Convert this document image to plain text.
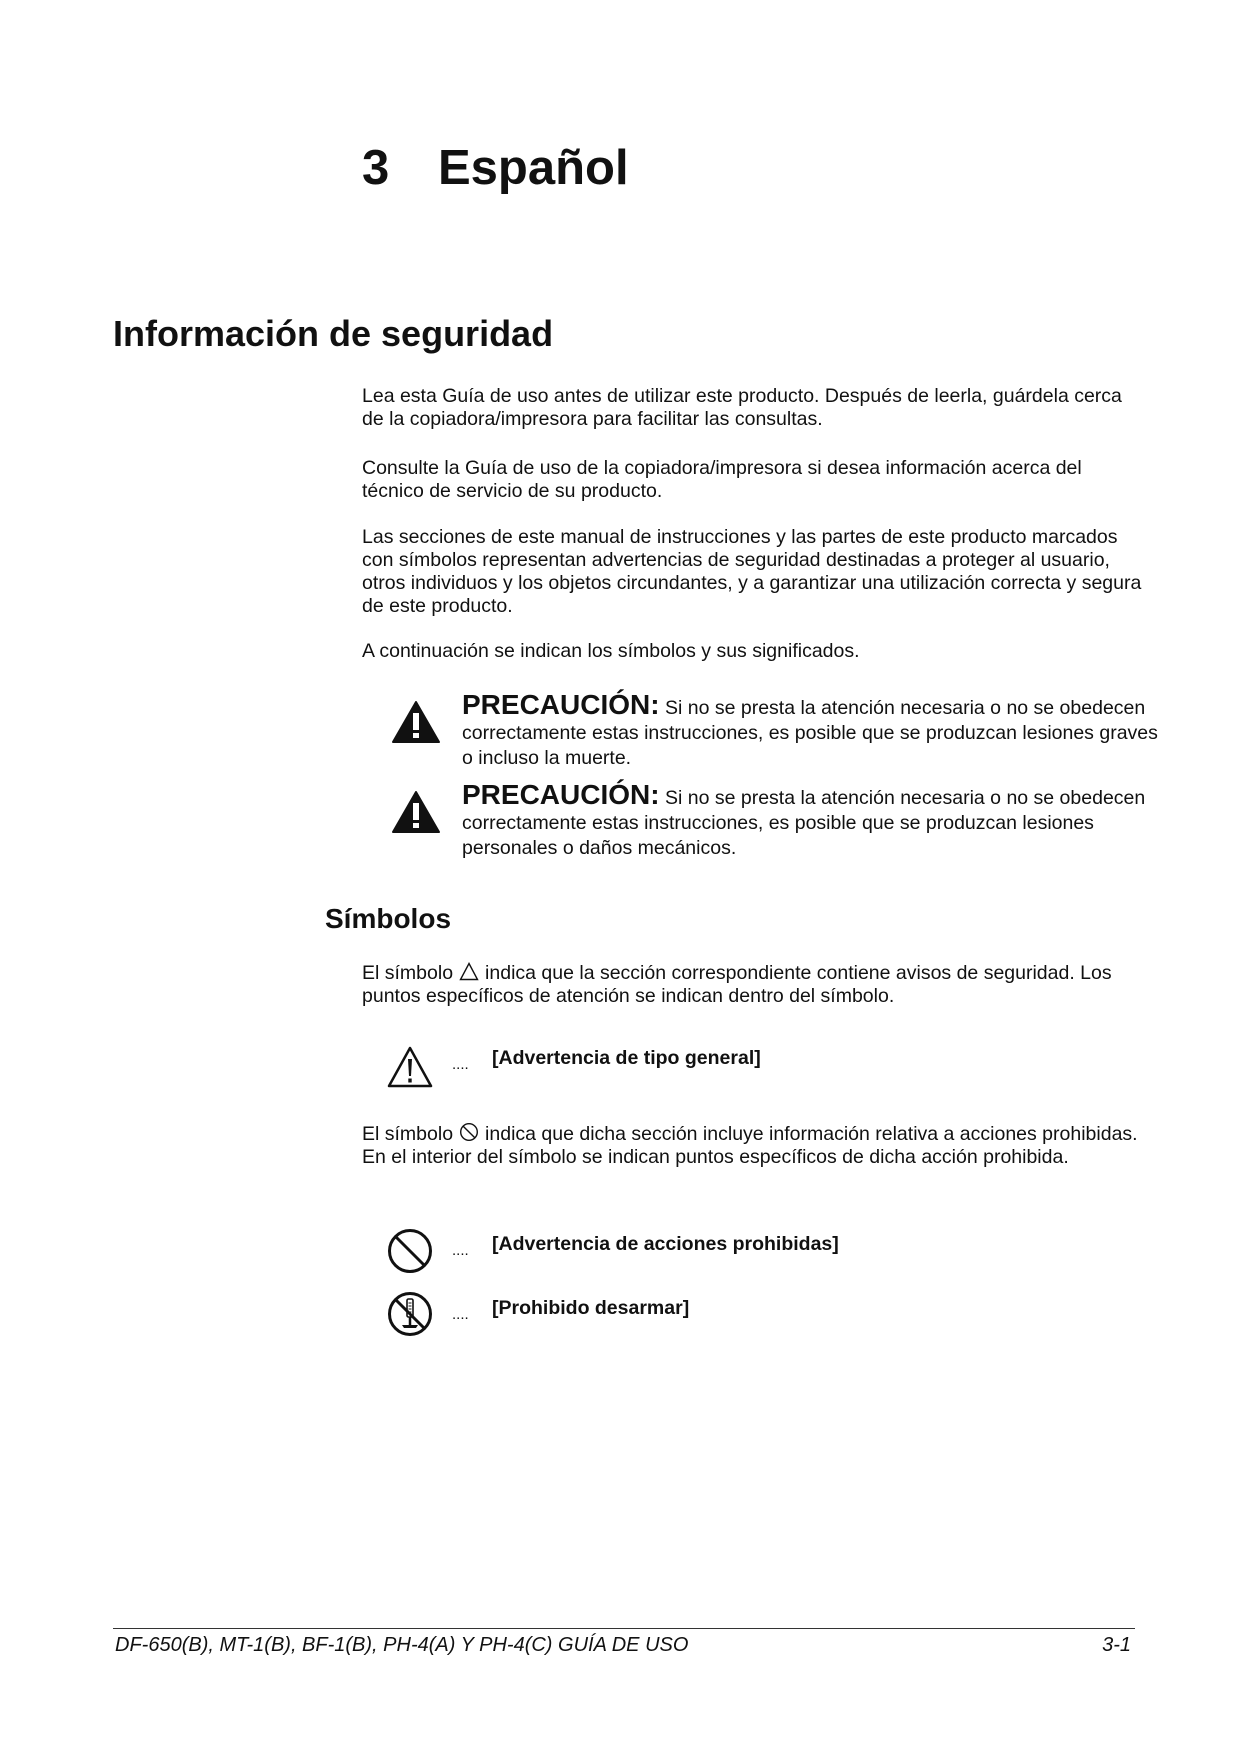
3 Español
Información de seguridad

Lea esta Guía de uso antes de utilizar este producto. Después de leerla, guárdela cerca de la copiadora/impresora para facilitar las consultas.

Consulte la Guía de uso de la copiadora/impresora si desea información acerca del técnico de servicio de su producto.

Las secciones de este manual de instrucciones y las partes de este producto marcados con símbolos representan advertencias de seguridad destinadas a proteger al usuario, otros individuos y los objetos circundantes, y a garantizar una utilización correcta y segura de este producto.

A continuación se indican los símbolos y sus significados.

PRECAUCIÓN: Si no se presta la atención necesaria o no se obedecen correctamente estas instrucciones, es posible que se produzcan lesiones graves o incluso la muerte.

PRECAUCIÓN: Si no se presta la atención necesaria o no se obedecen correctamente estas instrucciones, es posible que se produzcan lesiones personales o daños mecánicos.

Símbolos

El símbolo indica que la sección correspondiente contiene avisos de seguridad. Los puntos específicos de atención se indican dentro del símbolo.

.... [Advertencia de tipo general]

El símbolo indica que dicha sección incluye información relativa a acciones prohibidas. En el interior del símbolo se indican puntos específicos de dicha acción prohibida.

.... [Advertencia de acciones prohibidas]

.... [Prohibido desarmar]

DF-650(B), MT-1(B), BF-1(B), PH-4(A) Y PH-4(C) GUÍA DE USO	3-1
